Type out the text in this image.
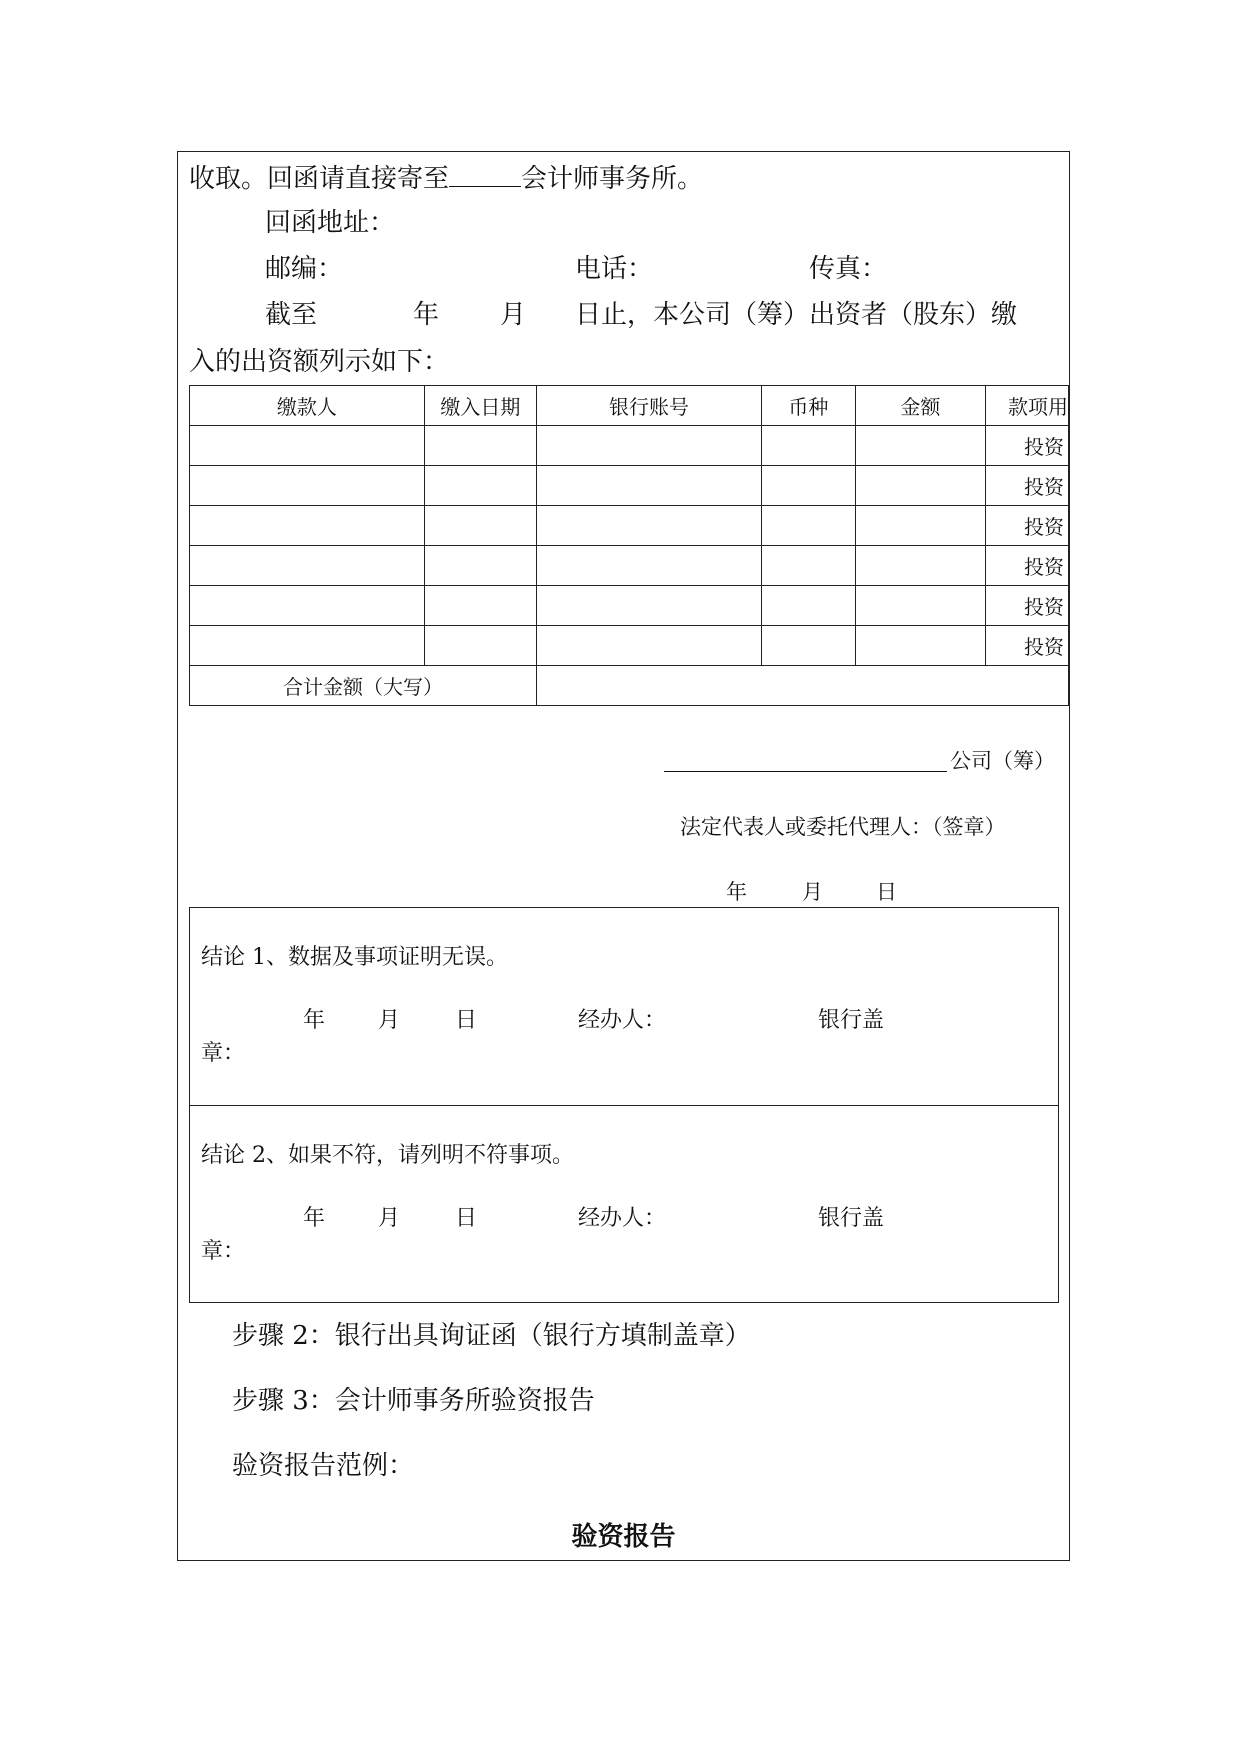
收取。回函请直接寄至	会计师事务所。
回函地址：
邮编：	电话：	传真：
截至	年 月 日止，本公司（筹）出资者（股东）缴
入的出资额列示如下：
缴款人	缴入日期	银行账号	币种	金额	款项用
					投资
					投资
					投资
					投资
					投资
					投资
合计金额（大写）					
公司（筹）
法定代表人或委托代理人：（签章）
年	月	日
结论 1、数据及事项证明无误。
年 月 日	经办人：	银行盖
章：
结论 2、如果不符，请列明不符事项。
年 月 日	经办人：	银行盖
章：
步骤 2：银行出具询证函（银行方填制盖章）
步骤 3：会计师事务所验资报告
验资报告范例：
验资报告
